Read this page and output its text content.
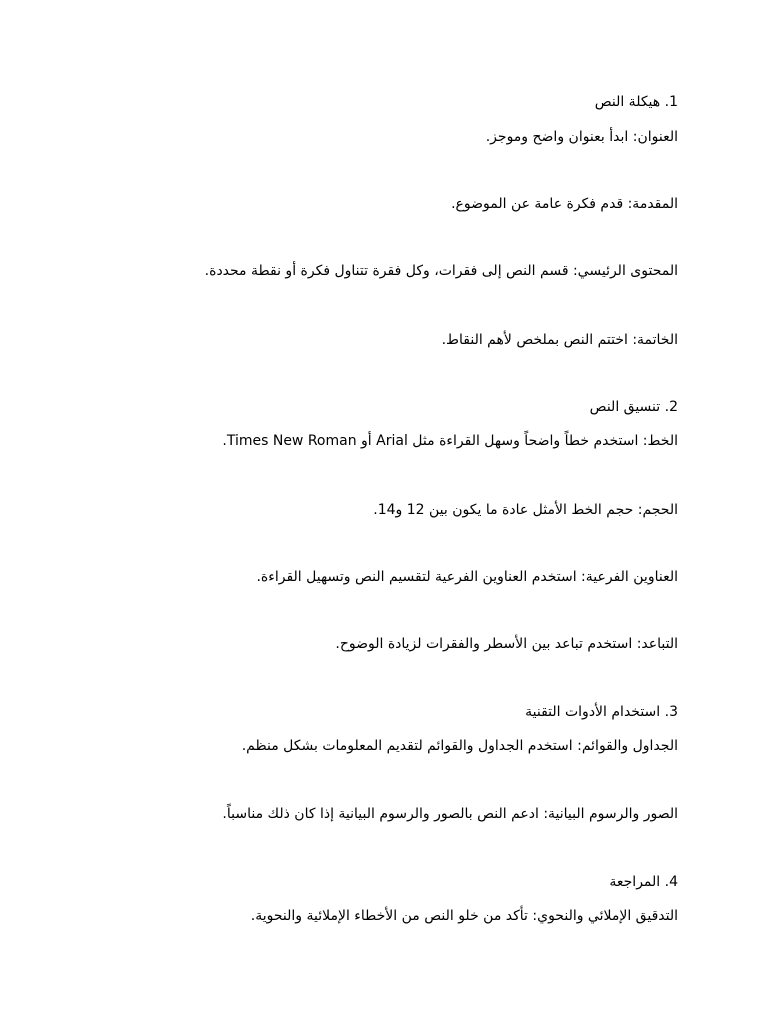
1. هيكلة النص
العنوان: ابدأ بعنوان واضح وموجز.
المقدمة: قدم فكرة عامة عن الموضوع.
المحتوى الرئيسي: قسم النص إلى فقرات، وكل فقرة تتناول فكرة أو نقطة محددة.
الخاتمة: اختتم النص بملخص لأهم النقاط.
2. تنسيق النص
الخط: استخدم خطاً واضحاً وسهل القراءة مثل Arial أو Times New Roman.
الحجم: حجم الخط الأمثل عادة ما يكون بين 12 و14.
العناوين الفرعية: استخدم العناوين الفرعية لتقسيم النص وتسهيل القراءة.
التباعد: استخدم تباعد بين الأسطر والفقرات لزيادة الوضوح.
3. استخدام الأدوات التقنية
الجداول والقوائم: استخدم الجداول والقوائم لتقديم المعلومات بشكل منظم.
الصور والرسوم البيانية: ادعم النص بالصور والرسوم البيانية إذا كان ذلك مناسباً.
4. المراجعة
التدقيق الإملائي والنحوي: تأكد من خلو النص من الأخطاء الإملائية والنحوية.
